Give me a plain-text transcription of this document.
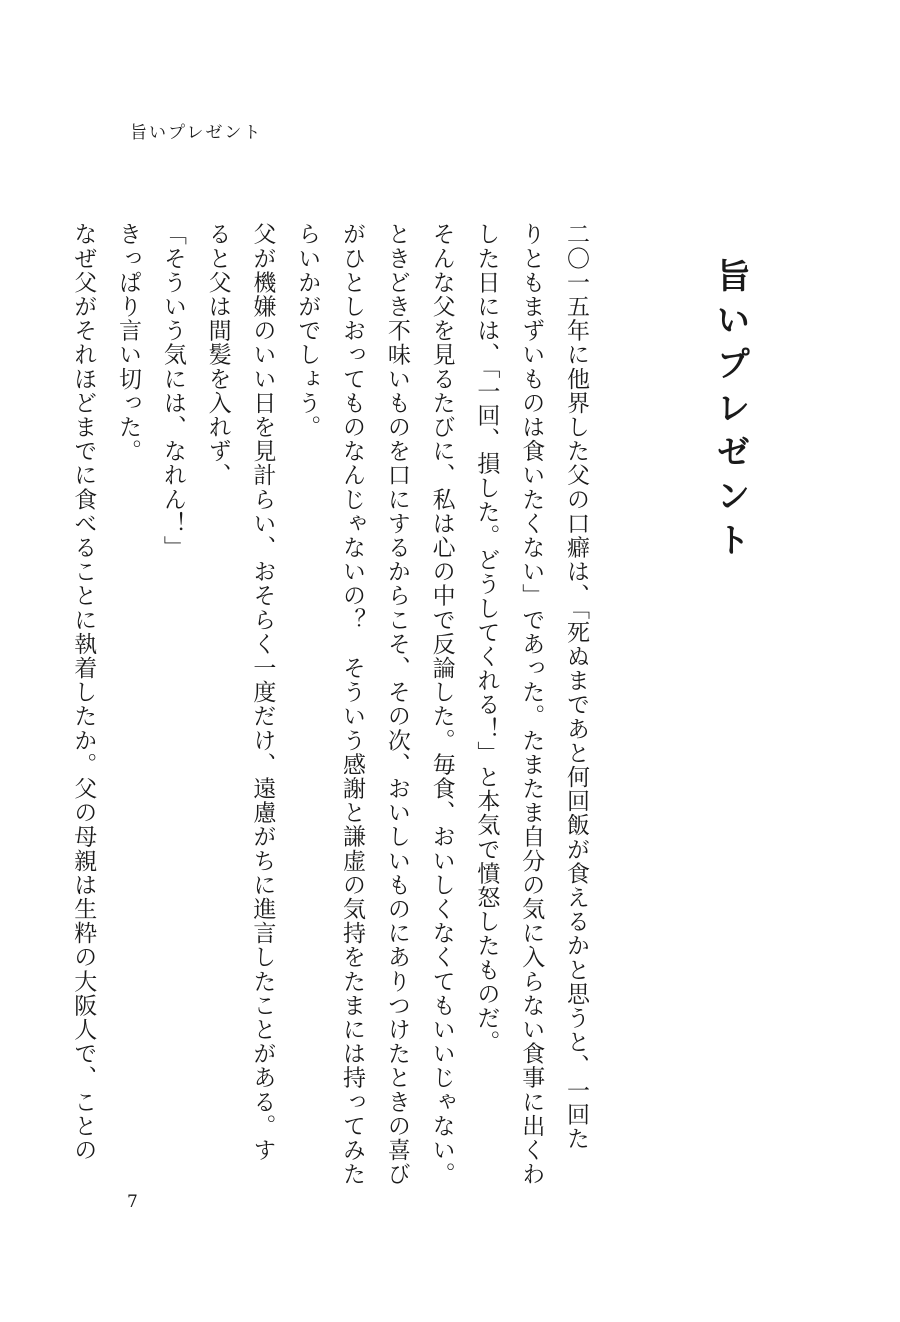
旨いプレゼント
旨いプレゼント
二〇一五年に他界した父の口癖は、「死ぬまであと何回飯が食えるかと思うと、一回た
りともまずいものは食いたくない」であった。たまたま自分の気に入らない食事に出くわ
した日には、「一回、損した。どうしてくれる！」と本気で憤怒したものだ。
そんな父を見るたびに、私は心の中で反論した。毎食、おいしくなくてもいいじゃない。
ときどき不味いものを口にするからこそ、その次、おいしいものにありつけたときの喜び
がひとしおってものなんじゃないの？　そういう感謝と謙虚の気持をたまには持ってみた
らいかがでしょう。
父が機嫌のいい日を見計らい、おそらく一度だけ、遠慮がちに進言したことがある。す
ると父は間髪を入れず、
「そういう気には、なれん！」
きっぱり言い切った。
なぜ父がそれほどまでに食べることに執着したか。父の母親は生粋の大阪人で、ことの
7
